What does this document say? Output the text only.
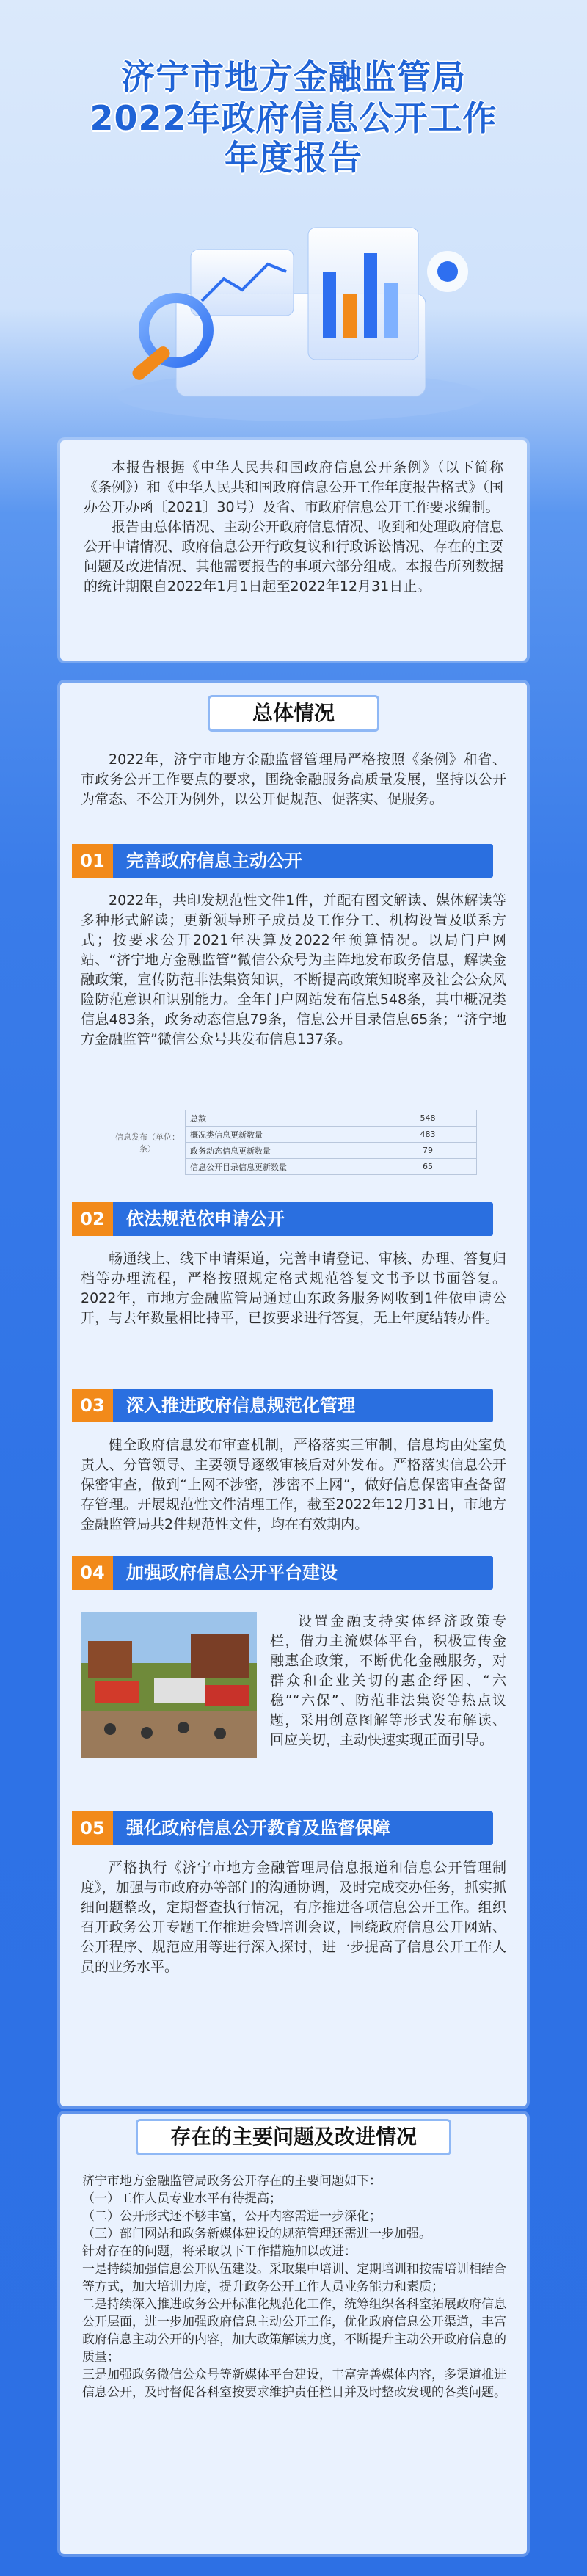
济宁市地方金融监管局
2022年政府信息公开工作
年度报告

本报告根据《中华人民共和国政府信息公开条例》（以下简称《条例》）和《中华人民共和国政府信息公开工作年度报告格式》（国办公开办函〔2021〕30号）及省、市政府信息公开工作要求编制。

报告由总体情况、主动公开政府信息情况、收到和处理政府信息公开申请情况、政府信息公开行政复议和行政诉讼情况、存在的主要问题及改进情况、其他需要报告的事项六部分组成。本报告所列数据的统计期限自2022年1月1日起至2022年12月31日止。

总体情况

2022年，济宁市地方金融监督管理局严格按照《条例》和省、市政务公开工作要点的要求，围绕金融服务高质量发展，坚持以公开为常态、不公开为例外，以公开促规范、促落实、促服务。

01	完善政府信息主动公开

2022年，共印发规范性文件1件，并配有图文解读、媒体解读等多种形式解读；更新领导班子成员及工作分工、机构设置及联系方式；按要求公开2021年决算及2022年预算情况。以局门户网站、“济宁地方金融监管”微信公众号为主阵地发布政务信息，解读金融政策，宣传防范非法集资知识，不断提高政策知晓率及社会公众风险防范意识和识别能力。全年门户网站发布信息548条，其中概况类信息483条，政务动态信息79条，信息公开目录信息65条；“济宁地方金融监管”微信公众号共发布信息137条。

信息发布（单位：条）	总数	548
	概况类信息更新数量	483
	政务动态信息更新数量	79
	信息公开目录信息更新数量	65
02	依法规范依申请公开

畅通线上、线下申请渠道，完善申请登记、审核、办理、答复归档等办理流程，严格按照规定格式规范答复文书予以书面答复。2022年，市地方金融监管局通过山东政务服务网收到1件依申请公开，与去年数量相比持平，已按要求进行答复，无上年度结转办件。

03	深入推进政府信息规范化管理

健全政府信息发布审查机制，严格落实三审制，信息均由处室负责人、分管领导、主要领导逐级审核后对外发布。严格落实信息公开保密审查，做到“上网不涉密，涉密不上网”，做好信息保密审查备留存管理。开展规范性文件清理工作，截至2022年12月31日，市地方金融监管局共2件规范性文件，均在有效期内。

04	加强政府信息公开平台建设

设置金融支持实体经济政策专栏，借力主流媒体平台，积极宣传金融惠企政策，不断优化金融服务，对群众和企业关切的惠企纾困、“六稳”“六保”、防范非法集资等热点议题，采用创意图解等形式发布解读、回应关切，主动快速实现正面引导。

05	强化政府信息公开教育及监督保障

严格执行《济宁市地方金融管理局信息报道和信息公开管理制度》，加强与市政府办等部门的沟通协调，及时完成交办任务，抓实抓细问题整改，定期督查执行情况，有序推进各项信息公开工作。组织召开政务公开专题工作推进会暨培训会议，围绕政府信息公开网站、公开程序、规范应用等进行深入探讨，进一步提高了信息公开工作人员的业务水平。

存在的主要问题及改进情况

济宁市地方金融监管局政务公开存在的主要问题如下：

（一）工作人员专业水平有待提高；

（二）公开形式还不够丰富，公开内容需进一步深化；

（三）部门网站和政务新媒体建设的规范管理还需进一步加强。

针对存在的问题，将采取以下工作措施加以改进：

一是持续加强信息公开队伍建设。采取集中培训、定期培训和按需培训相结合等方式，加大培训力度，提升政务公开工作人员业务能力和素质；

二是持续深入推进政务公开标准化规范化工作，统筹组织各科室拓展政府信息公开层面，进一步加强政府信息主动公开工作，优化政府信息公开渠道，丰富政府信息主动公开的内容，加大政策解读力度，不断提升主动公开政府信息的质量；

三是加强政务微信公众号等新媒体平台建设，丰富完善媒体内容，多渠道推进信息公开，及时督促各科室按要求维护责任栏目并及时整改发现的各类问题。
